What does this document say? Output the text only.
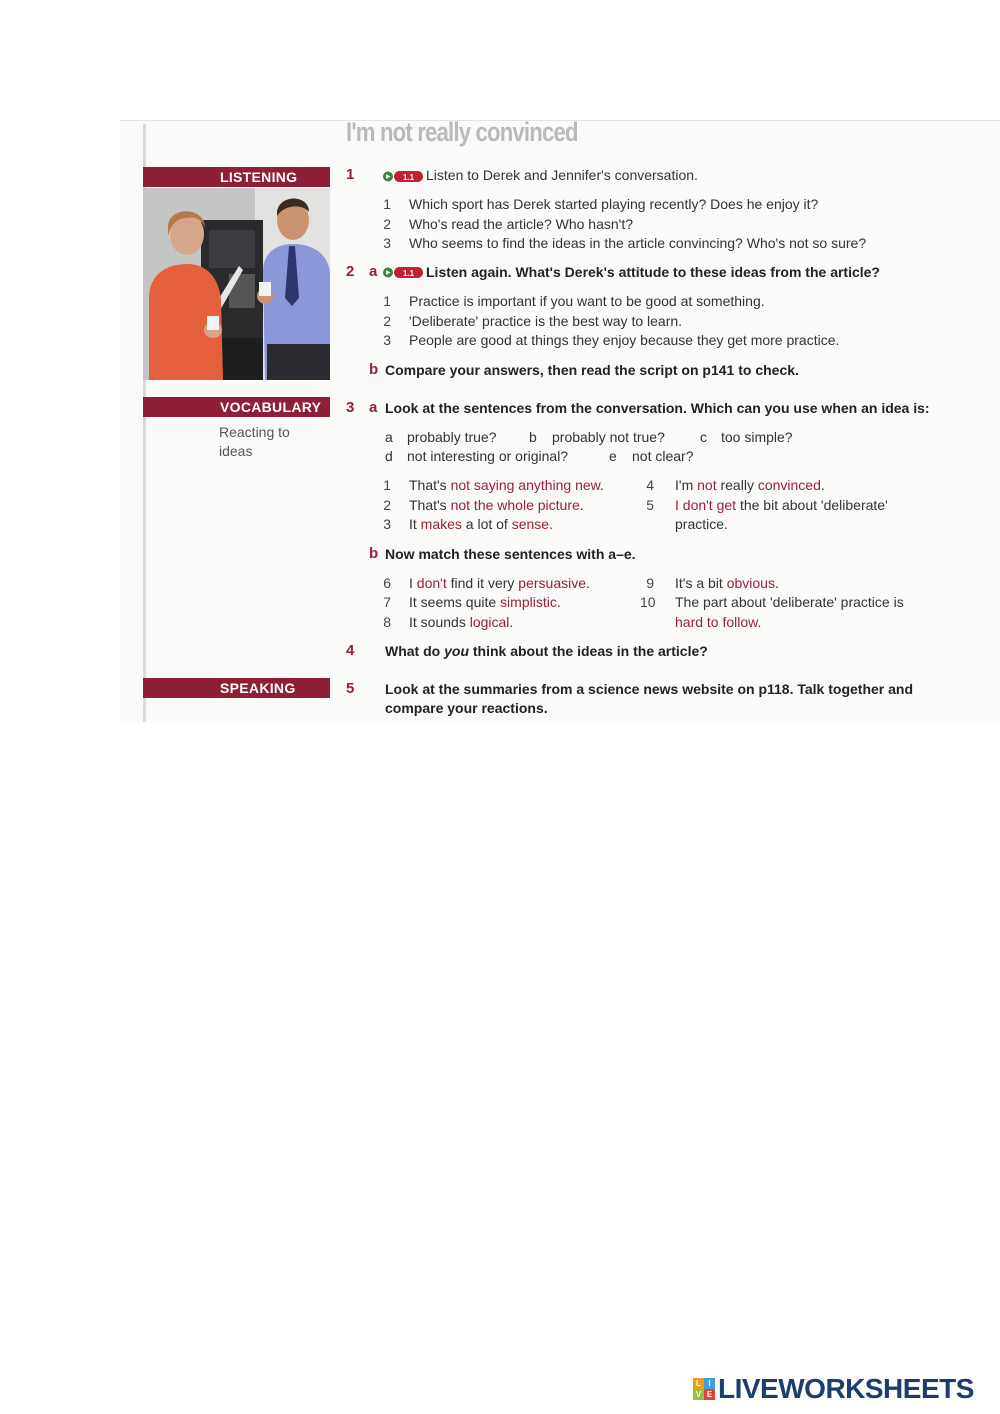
I'm not really convinced
LISTENING
VOCABULARY
Reacting to
ideas
SPEAKING
1	1.1 Listen to Derek and Jennifer's conversation.
1 Which sport has Derek started playing recently? Does he enjoy it?
2 Who's read the article? Who hasn't?
3 Who seems to find the ideas in the article convincing? Who's not so sure?
2 a	1.1 Listen again. What's Derek's attitude to these ideas from the article?
1 Practice is important if you want to be good at something.
2 'Deliberate' practice is the best way to learn.
3 People are good at things they enjoy because they get more practice.
b Compare your answers, then read the script on p141 to check.
3 a Look at the sentences from the conversation. Which can you use when an idea is:
a probably true? b probably not true?	c too simple?
d not interesting or original?	e not clear?
1 That's not saying anything new.
2 That's not the whole picture.
3 It makes a lot of sense.
4 I'm not really convinced.
5 I don't get the bit about 'deliberate'
practice.
b Now match these sentences with a–e.
6 I don't find it very persuasive.
7 It seems quite simplistic.
8 It sounds logical.
9 It's a bit obvious.
10 The part about 'deliberate' practice is
hard to follow.
4 What do you think about the ideas in the article?
5 Look at the summaries from a science news website on p118. Talk together and
compare your reactions.
L I
V E LIVEWORKSHEETS
